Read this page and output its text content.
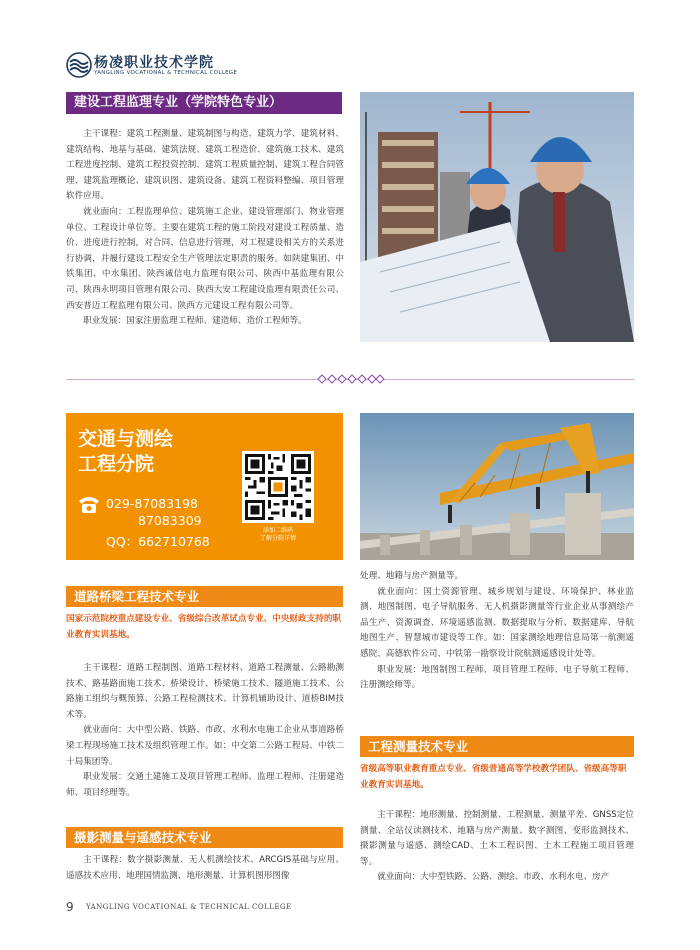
杨凌职业技术学院
YANGLING VOCATIONAL & TECHNICAL COLLEGE
建设工程监理专业（学院特色专业）

主干课程：建筑工程测量、建筑制图与构造、建筑力学、建筑材料、建筑结构、地基与基础、建筑法规、建筑工程造价、建筑施工技术、建筑工程进度控制、建筑工程投资控制、建筑工程质量控制、建筑工程合同管理、建筑监理概论、建筑识图、建筑设备、建筑工程资料整编、项目管理软件应用。

就业面向：工程监理单位、建筑施工企业、建设管理部门、物业管理单位、工程设计单位等。主要在建筑工程的施工阶段对建设工程质量、造价、进度进行控制，对合同、信息进行管理，对工程建设相关方的关系进行协调，并履行建设工程安全生产管理法定职责的服务。如陕建集团、中铁集团、中水集团、陕西诚信电力监理有限公司、陕西中基监理有限公司、陕西永明项目管理有限公司、陕西大安工程建设监理有限责任公司、西安普迈工程监理有限公司、陕西方元建设工程有限公司等。

职业发展：国家注册监理工程师、建造师、造价工程师等。

交通与测绘
工程分院
029-87083198
87083309
QQ：662710768
添加二维码
了解分院详情
道路桥梁工程技术专业

国家示范院校重点建设专业、省级综合改革试点专业、中央财政支持的职业教育实训基地。

主干课程：道路工程制图、道路工程材料、道路工程测量、公路勘测技术、路基路面施工技术、桥梁设计、桥梁施工技术、隧道施工技术、公路施工组织与概预算、公路工程检测技术、计算机辅助设计、道桥BIM技术等。

就业面向：大中型公路、铁路、市政、水利水电施工企业从事道路桥梁工程现场施工技术及组织管理工作。如：中交第二公路工程局、中铁二十局集团等。

职业发展：交通土建施工及项目管理工程师、监理工程师、注册建造师、项目经理等。

摄影测量与遥感技术专业

主干课程：数字摄影测量、无人机测绘技术、ARCGIS基础与应用、遥感技术应用、地理国情监测、地形测量、计算机图形图像

处理、地籍与房产测量等。

就业面向：国土资源管理、城乡规划与建设、环境保护、林业监测、地图制图、电子导航服务、无人机摄影测量等行业企业从事测绘产品生产、资源调查、环境遥感监测、数据提取与分析、数据建库、导航地图生产、智慧城市建设等工作。如：国家测绘地理信息局第一航测遥感院、高德软件公司、中铁第一勘察设计院航测遥感设计处等。

职业发展：地图制图工程师、项目管理工程师、电子导航工程师、注册测绘师等。

工程测量技术专业

省级高等职业教育重点专业、省级普通高等学校教学团队、省级高等职业教育实训基地。

主干课程：地形测量、控制测量、工程测量、测量平差、GNSS定位测量、全站仪读测技术、地籍与房产测量、数字测图、变形监测技术、摄影测量与遥感、测绘CAD、土木工程识图、土木工程施工项目管理等。

就业面向：大中型铁路、公路、测绘、市政、水利水电、房产

9 YANGLING VOCATIONAL & TECHNICAL COLLEGE
